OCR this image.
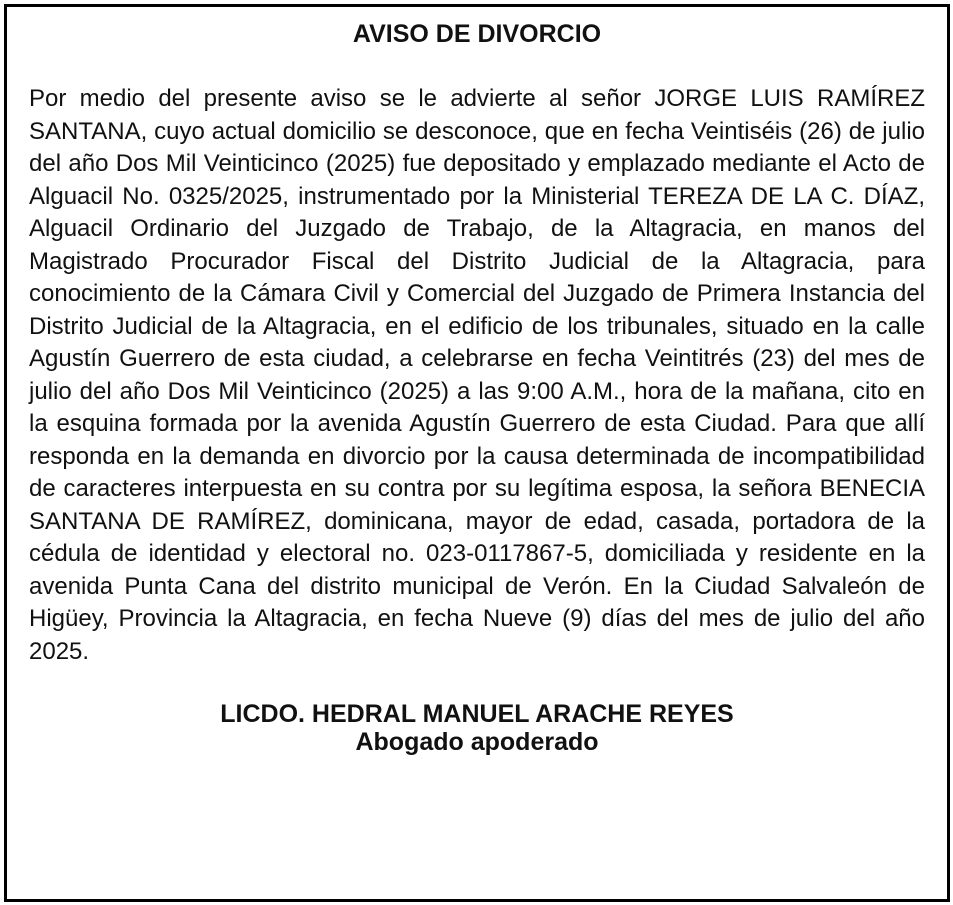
AVISO DE DIVORCIO

Por medio del presente aviso se le advierte al señor JORGE LUIS RAMÍREZ SANTANA, cuyo actual domicilio se desconoce, que en fecha Veintiséis (26) de julio del año Dos Mil Veinticinco (2025) fue depositado y emplazado mediante el Acto de Alguacil No. 0325/2025, instrumentado por la Ministerial TEREZA DE LA C. DÍAZ, Alguacil Ordinario del Juzgado de Trabajo, de la Altagracia, en manos del Magistrado Procurador Fiscal del Distrito Judicial de la Altagracia, para conocimiento de la Cámara Civil y Comercial del Juzgado de Primera Instancia del Distrito Judicial de la Altagracia, en el edificio de los tribunales, situado en la calle Agustín Guerrero de esta ciudad, a celebrarse en fecha Veintitrés (23) del mes de julio del año Dos Mil Veinticinco (2025) a las 9:00 A.M., hora de la mañana, cito en la esquina formada por la avenida Agustín Guerrero de esta Ciudad. Para que allí responda en la demanda en divorcio por la causa determinada de incompatibilidad de caracteres interpuesta en su contra por su legítima esposa, la señora BENECIA SANTANA DE RAMÍREZ, dominicana, mayor de edad, casada, portadora de la cédula de identidad y electoral no. 023-0117867-5, domiciliada y residente en la avenida Punta Cana del distrito municipal de Verón. En la Ciudad Salvaleón de Higüey, Provincia la Altagracia, en fecha Nueve (9) días del mes de julio del año 2025.

LICDO. HEDRAL MANUEL ARACHE REYES
Abogado apoderado
